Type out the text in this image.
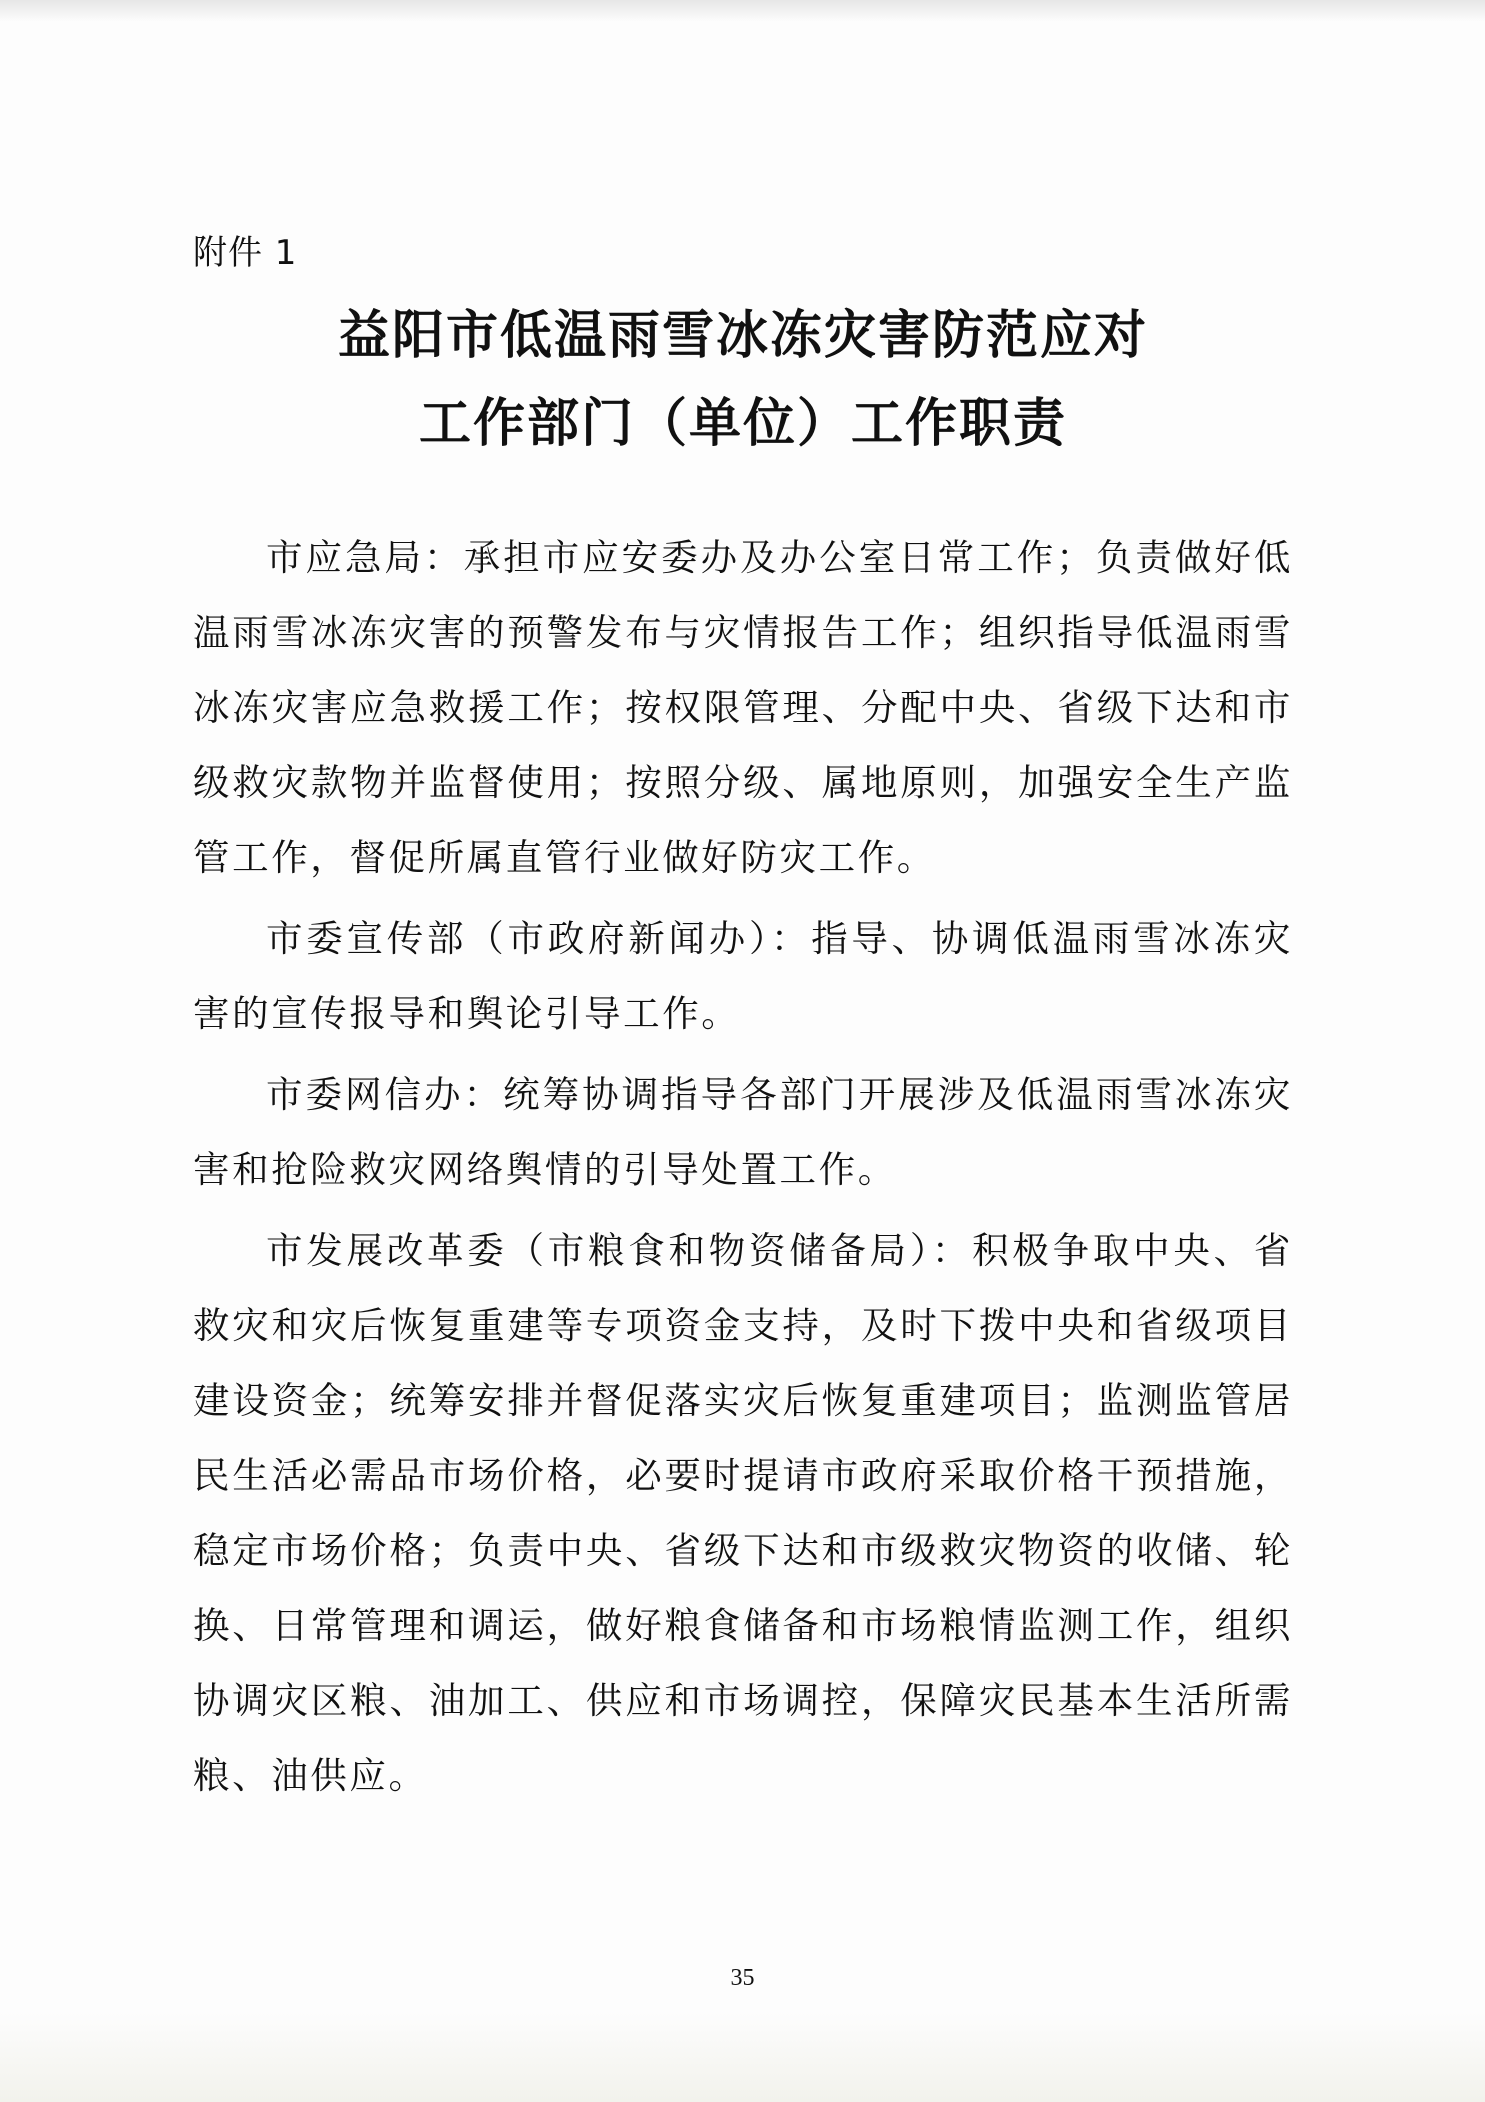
附件 1

益阳市低温雨雪冰冻灾害防范应对
工作部门（单位）工作职责

市应急局：承担市应安委办及办公室日常工作；负责做好低温雨雪冰冻灾害的预警发布与灾情报告工作；组织指导低温雨雪冰冻灾害应急救援工作；按权限管理、分配中央、省级下达和市级救灾款物并监督使用；按照分级、属地原则，加强安全生产监管工作，督促所属直管行业做好防灾工作。

市委宣传部（市政府新闻办）：指导、协调低温雨雪冰冻灾害的宣传报导和舆论引导工作。

市委网信办：统筹协调指导各部门开展涉及低温雨雪冰冻灾害和抢险救灾网络舆情的引导处置工作。

市发展改革委（市粮食和物资储备局）：积极争取中央、省救灾和灾后恢复重建等专项资金支持，及时下拨中央和省级项目建设资金；统筹安排并督促落实灾后恢复重建项目；监测监管居民生活必需品市场价格，必要时提请市政府采取价格干预措施，稳定市场价格；负责中央、省级下达和市级救灾物资的收储、轮换、日常管理和调运，做好粮食储备和市场粮情监测工作，组织协调灾区粮、油加工、供应和市场调控，保障灾民基本生活所需粮、油供应。

35
